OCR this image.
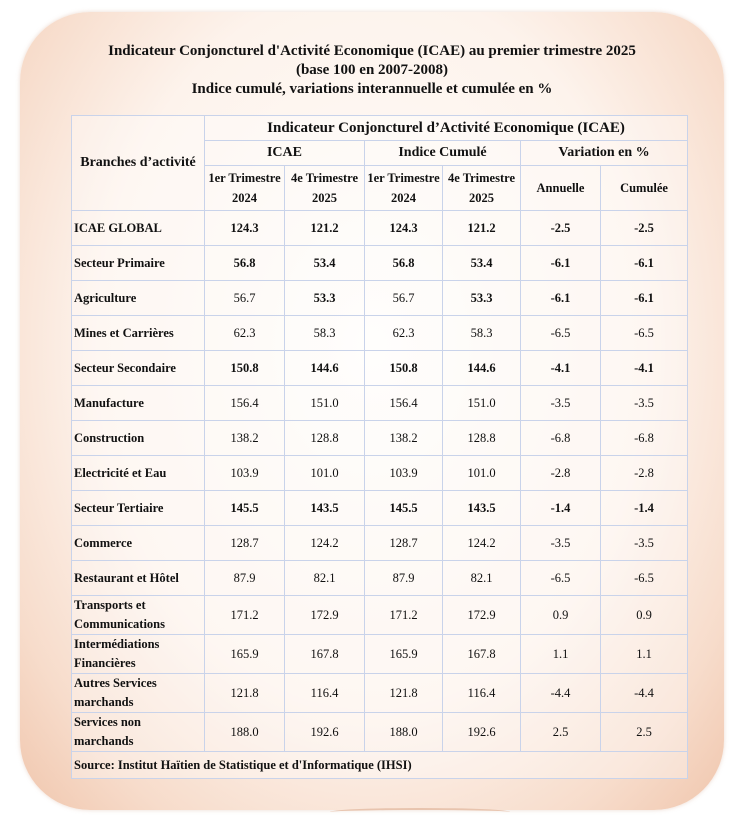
Indicateur Conjoncturel d'Activité Economique (ICAE) au premier trimestre 2025
(base 100 en 2007-2008)
Indice cumulé, variations interannuelle et cumulée en %
Branches d’activité	Indicateur Conjoncturel d’Activité Economique (ICAE)					
	ICAE		Indice Cumulé		Variation en %	
	1er Trimestre 2024	4e Trimestre 2025	1er Trimestre 2024	4e Trimestre 2025	Annuelle	Cumulée
ICAE GLOBAL	124.3	121.2	124.3	121.2	-2.5	-2.5
Secteur Primaire	56.8	53.4	56.8	53.4	-6.1	-6.1
Agriculture	56.7	53.3	56.7	53.3	-6.1	-6.1
Mines et Carrières	62.3	58.3	62.3	58.3	-6.5	-6.5
Secteur Secondaire	150.8	144.6	150.8	144.6	-4.1	-4.1
Manufacture	156.4	151.0	156.4	151.0	-3.5	-3.5
Construction	138.2	128.8	138.2	128.8	-6.8	-6.8
Electricité et Eau	103.9	101.0	103.9	101.0	-2.8	-2.8
Secteur Tertiaire	145.5	143.5	145.5	143.5	-1.4	-1.4
Commerce	128.7	124.2	128.7	124.2	-3.5	-3.5
Restaurant et Hôtel	87.9	82.1	87.9	82.1	-6.5	-6.5
Transports et Communications	171.2	172.9	171.2	172.9	0.9	0.9
Intermédiations Financières	165.9	167.8	165.9	167.8	1.1	1.1
Autres Services marchands	121.8	116.4	121.8	116.4	-4.4	-4.4
Services non marchands	188.0	192.6	188.0	192.6	2.5	2.5
Source: Institut Haïtien de Statistique et d'Informatique (IHSI)						
